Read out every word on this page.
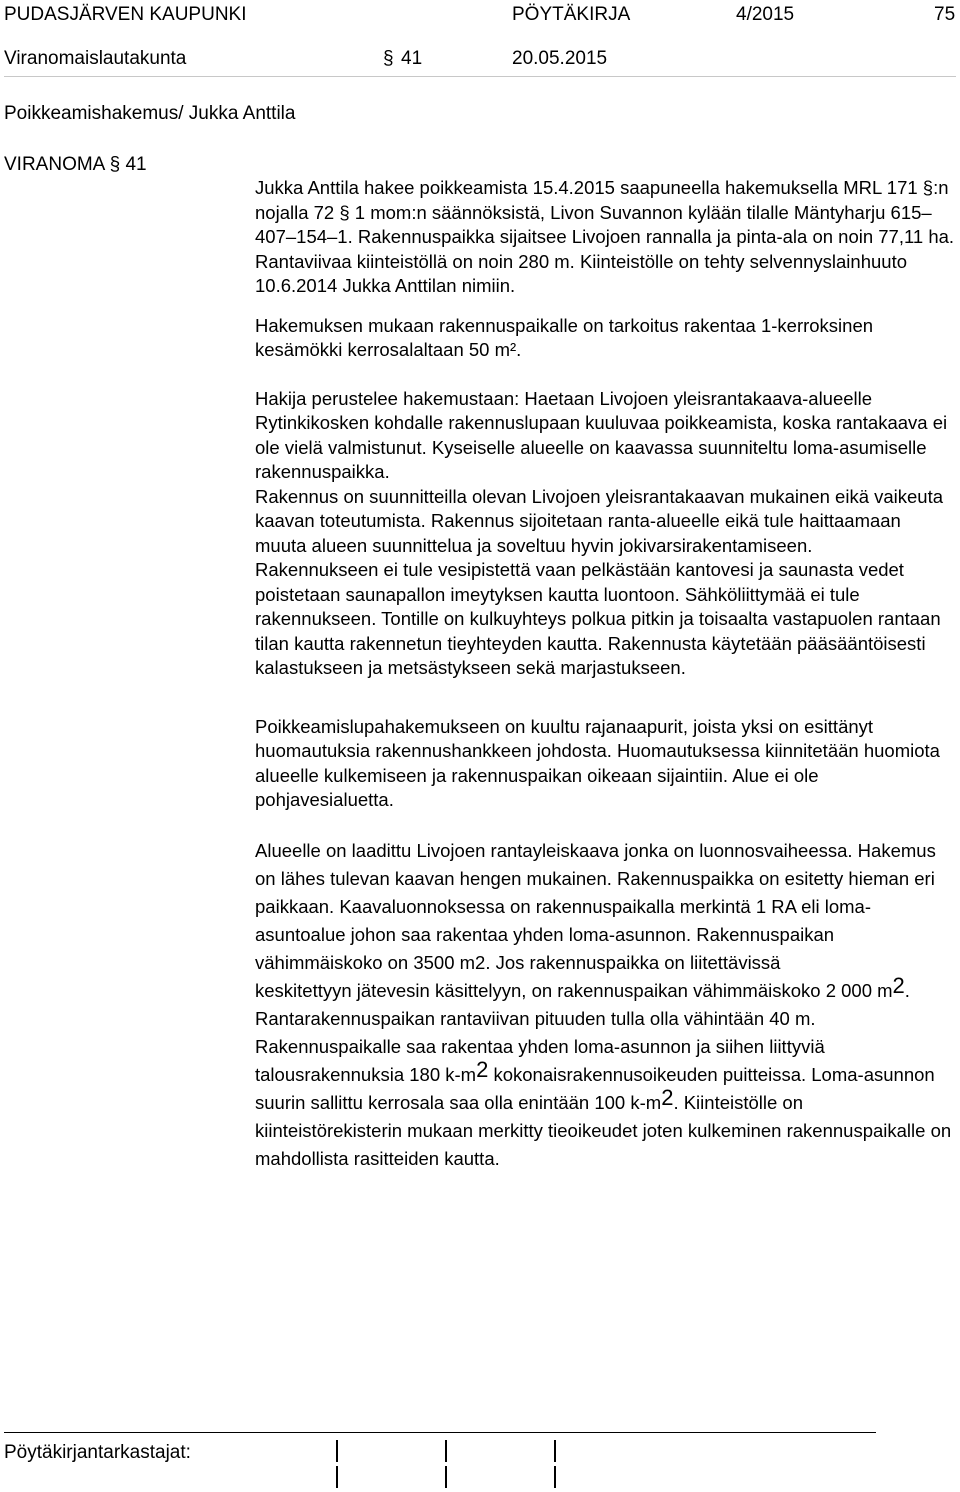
PUDASJÄRVEN KAUPUNKI	PÖYTÄKIRJA	4/2015	75
Viranomaislautakunta	§ 41	20.05.2015
Poikkeamishakemus/ Jukka Anttila
VIRANOMA § 41

Jukka Anttila hakee poikkeamista 15.4.2015 saapuneella hakemuksella MRL 171 §:n nojalla 72 § 1 mom:n säännöksistä, Livon Suvannon kylään tilalle Mäntyharju 615–407–154–1. Rakennuspaikka sijaitsee Livojoen rannalla ja pinta-ala on noin 77,11 ha. Rantaviivaa kiinteistöllä on noin 280 m. Kiinteistölle on tehty selvennyslainhuuto 10.6.2014 Jukka Anttilan nimiin.

Hakemuksen mukaan rakennuspaikalle on tarkoitus rakentaa 1-kerroksinen kesämökki kerrosalaltaan 50 m².

Hakija perustelee hakemustaan: Haetaan Livojoen yleisrantakaava-alueelle Rytinkikosken kohdalle rakennuslupaan kuuluvaa poikkeamista, koska rantakaava ei ole vielä valmistunut. Kyseiselle alueelle on kaavassa suunniteltu loma-asumiselle rakennuspaikka.

Rakennus on suunnitteilla olevan Livojoen yleisrantakaavan mukainen eikä vaikeuta kaavan toteutumista. Rakennus sijoitetaan ranta-alueelle eikä tule haittaamaan muuta alueen suunnittelua ja soveltuu hyvin jokivarsirakentamiseen.

Rakennukseen ei tule vesipistettä vaan pelkästään kantovesi ja saunasta vedet poistetaan saunapallon imeytyksen kautta luontoon. Sähköliittymää ei tule rakennukseen. Tontille on kulkuyhteys polkua pitkin ja toisaalta vastapuolen rantaan tilan kautta rakennetun tieyhteyden kautta. Rakennusta käytetään pääsääntöisesti kalastukseen ja metsästykseen sekä marjastukseen.

Poikkeamislupahakemukseen on kuultu rajanaapurit, joista yksi on esittänyt huomautuksia rakennushankkeen johdosta. Huomautuksessa kiinnitetään huomiota alueelle kulkemiseen ja rakennuspaikan oikeaan sijaintiin. Alue ei ole pohjavesialuetta.

Alueelle on laadittu Livojoen rantayleiskaava jonka on luonnosvaiheessa. Hakemus on lähes tulevan kaavan hengen mukainen. Rakennuspaikka on esitetty hieman eri paikkaan. Kaavaluonnoksessa on rakennuspaikalla merkintä 1 RA eli loma-asuntoalue johon saa rakentaa yhden loma-asunnon. Rakennuspaikan vähimmäiskoko on 3500 m2. Jos rakennuspaikka on liitettävissä
keskitettyyn jätevesin käsittelyyn, on rakennuspaikan vähimmäiskoko 2 000 $m^2$. Rantarakennuspaikan rantaviivan pituuden tulla olla vähintään 40 m. Rakennuspaikalle saa rakentaa yhden loma-asunnon ja siihen liittyviä talousrakennuksia 180 $k-m^2$ kokonaisrakennusoikeuden puitteissa. Loma-asunnon suurin sallittu kerrosala saa olla enintään 100 $k-m^2$. Kiinteistölle on kiinteistörekisterin mukaan merkitty tieoikeudet joten kulkeminen rakennuspaikalle on mahdollista rasitteiden kautta.

Pöytäkirjantarkastajat:
